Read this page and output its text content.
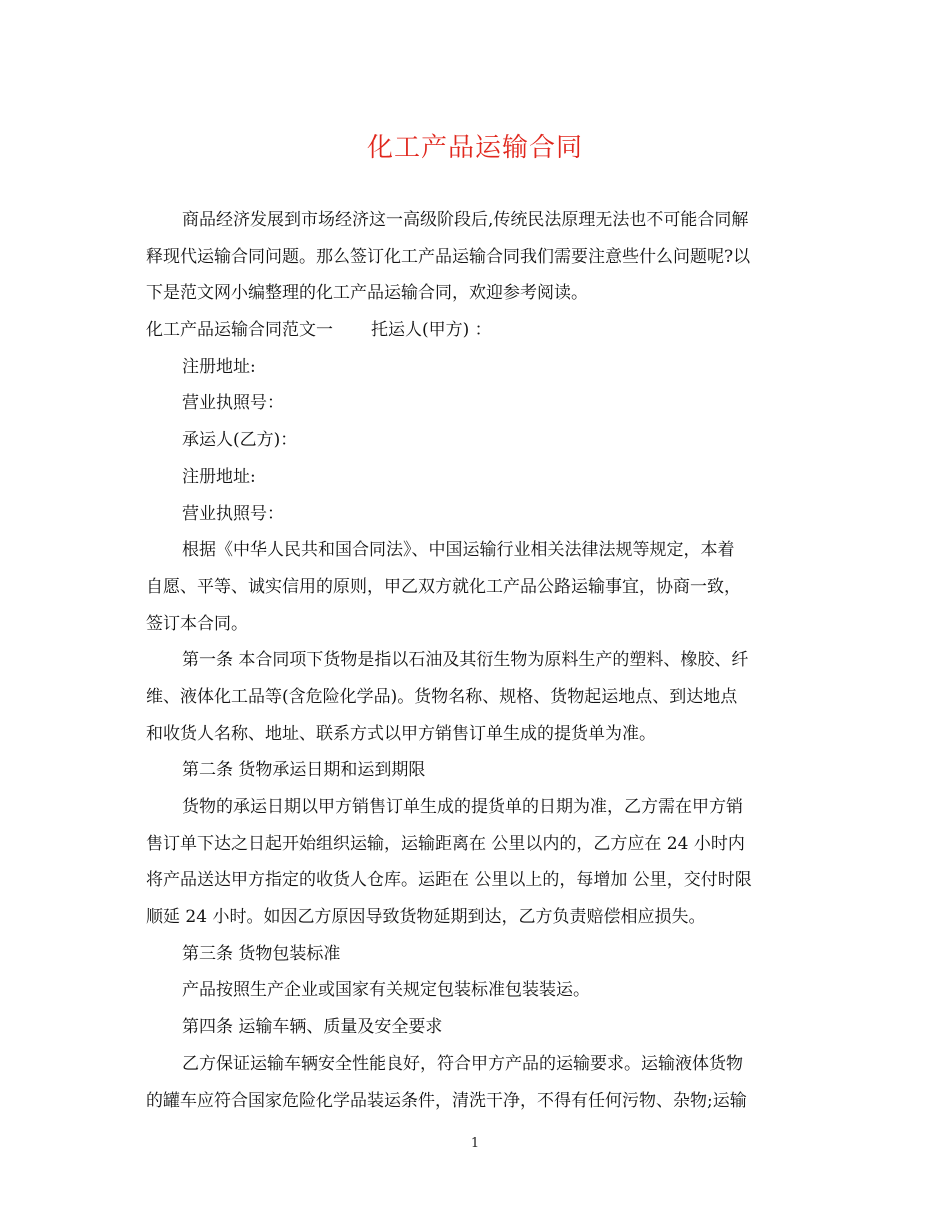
化工产品运输合同
商品经济发展到市场经济这一高级阶段后,传统民法原理无法也不可能合同解
释现代运输合同问题。那么签订化工产品运输合同我们需要注意些什么问题呢?以
下是范文网小编整理的化工产品运输合同，欢迎参考阅读。
化工产品运输合同范文一 托运人(甲方) ：
注册地址:
营业执照号：
承运人(乙方)：
注册地址:
营业执照号：
根据《中华人民共和国合同法》、中国运输行业相关法律法规等规定，本着
自愿、平等、诚实信用的原则，甲乙双方就化工产品公路运输事宜，协商一致，
签订本合同。
第一条 本合同项下货物是指以石油及其衍生物为原料生产的塑料、橡胶、纤
维、液体化工品等(含危险化学品)。货物名称、规格、货物起运地点、到达地点
和收货人名称、地址、联系方式以甲方销售订单生成的提货单为准。
第二条 货物承运日期和运到期限
货物的承运日期以甲方销售订单生成的提货单的日期为准，乙方需在甲方销
售订单下达之日起开始组织运输，运输距离在 公里以内的，乙方应在 24 小时内
将产品送达甲方指定的收货人仓库。运距在 公里以上的，每增加 公里，交付时限
顺延 24 小时。如因乙方原因导致货物延期到达，乙方负责赔偿相应损失。
第三条 货物包装标准
产品按照生产企业或国家有关规定包装标准包装装运。
第四条 运输车辆、质量及安全要求
乙方保证运输车辆安全性能良好，符合甲方产品的运输要求。运输液体货物
的罐车应符合国家危险化学品装运条件，清洗干净，不得有任何污物、杂物;运输
1
